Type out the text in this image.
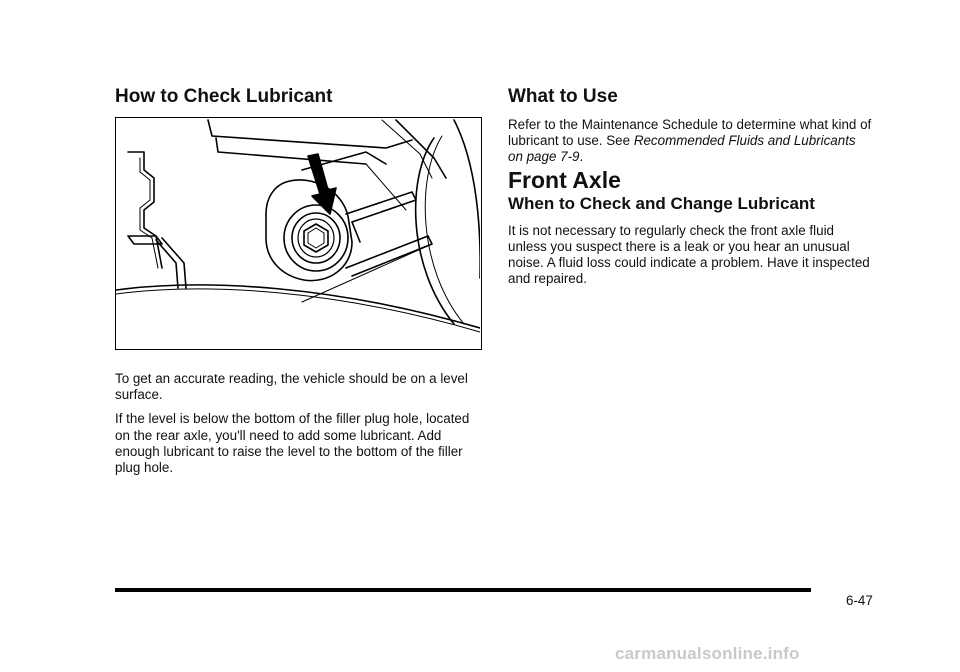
How to Check Lubricant

To get an accurate reading, the vehicle should be on a level surface.

If the level is below the bottom of the filler plug hole, located on the rear axle, you'll need to add some lubricant. Add enough lubricant to raise the level to the bottom of the filler plug hole.

What to Use

Refer to the Maintenance Schedule to determine what kind of lubricant to use. See Recommended Fluids and Lubricants on page 7-9.

Front Axle
When to Check and Change Lubricant

It is not necessary to regularly check the front axle fluid unless you suspect there is a leak or you hear an unusual noise. A fluid loss could indicate a problem. Have it inspected and repaired.

6-47
carmanualsonline.info
